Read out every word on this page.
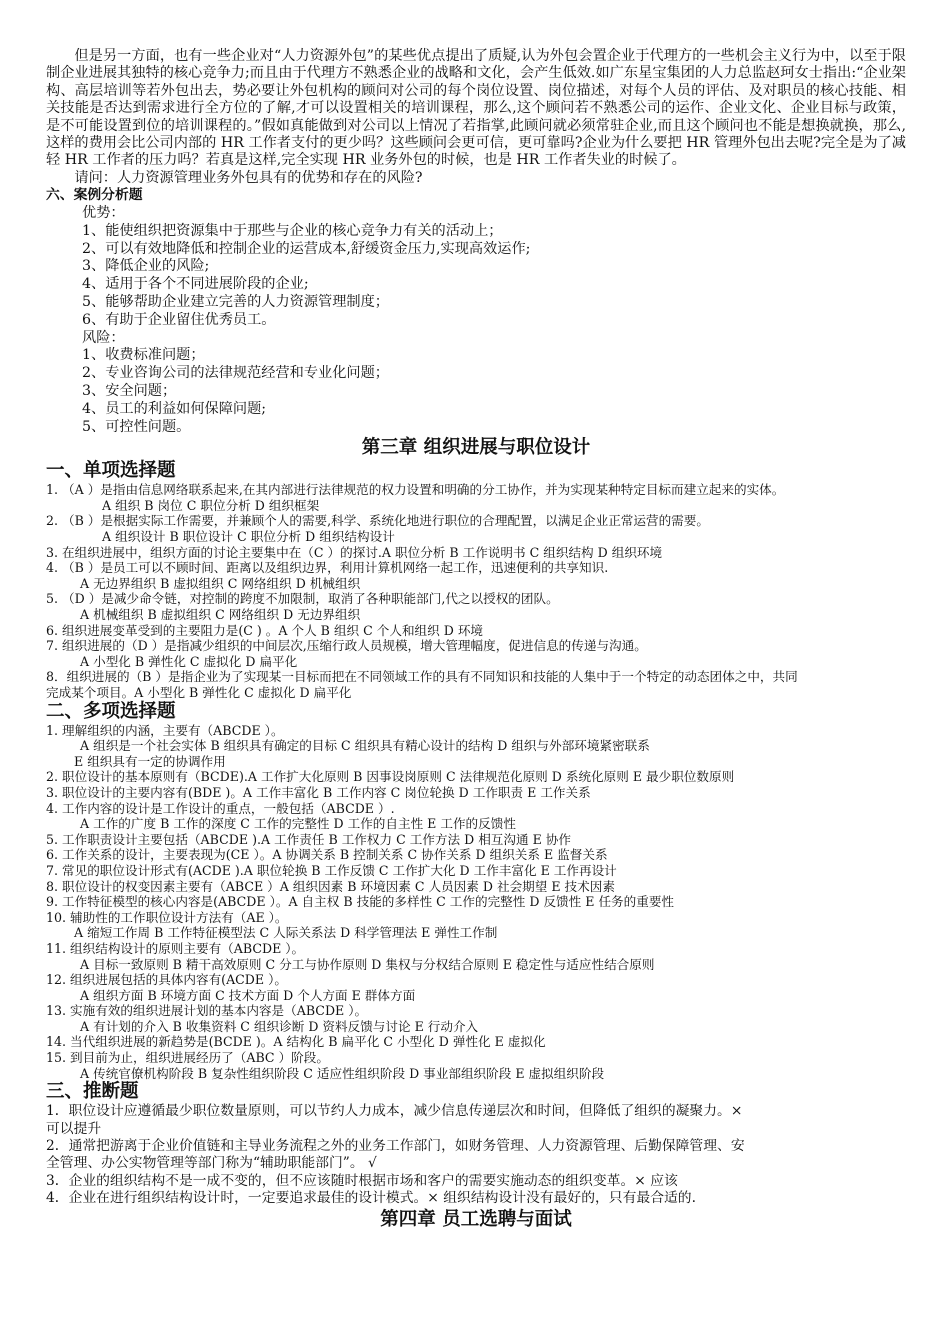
但是另一方面，也有一些企业对“人力资源外包”的某些优点提出了质疑,认为外包会置企业于代理方的一些机会主义行为中，以至于限制企业进展其独特的核心竞争力;而且由于代理方不熟悉企业的战略和文化，会产生低效.如广东星宝集团的人力总监赵珂女士指出:“企业架构、高层培训等若外包出去，势必要让外包机构的顾问对公司的每个岗位设置、岗位描述，对每个人员的评估、及对职员的核心技能、相关技能是否达到需求进行全方位的了解,才可以设置相关的培训课程，那么,这个顾问若不熟悉公司的运作、企业文化、企业目标与政策，是不可能设置到位的培训课程的。”假如真能做到对公司以上情况了若指掌,此顾问就必须常驻企业,而且这个顾问也不能是想换就换，那么,这样的费用会比公司内部的 HR 工作者支付的更少吗？这些顾问会更可信，更可靠吗?企业为什么要把 HR 管理外包出去呢?完全是为了减轻 HR 工作者的压力吗？若真是这样,完全实现 HR 业务外包的时候，也是 HR 工作者失业的时候了。

请问：人力资源管理业务外包具有的优势和存在的风险?

六、案例分析题

优势：

1、能使组织把资源集中于那些与企业的核心竞争力有关的活动上；

2、可以有效地降低和控制企业的运营成本,舒缓资金压力,实现高效运作;

3、降低企业的风险;

4、适用于各个不同进展阶段的企业;

5、能够帮助企业建立完善的人力资源管理制度；

6、有助于企业留住优秀员工。

风险：

1、收费标准问题；

2、专业咨询公司的法律规范经营和专业化问题；

3、安全问题；

4、员工的利益如何保障问题;

5、可控性问题。

第三章 组织进展与职位设计

一、单项选择题

1. （A ）是指由信息网络联系起来,在其内部进行法律规范的权力设置和明确的分工协作，并为实现某种特定目标而建立起来的实体。

A 组织 B 岗位 C 职位分析 D 组织框架

2. （B ）是根据实际工作需要，并兼顾个人的需要,科学、系统化地进行职位的合理配置，以满足企业正常运营的需要。

A 组织设计 B 职位设计 C 职位分析 D 组织结构设计

3. 在组织进展中，组织方面的讨论主要集中在（C ）的探讨.A 职位分析 B 工作说明书 C 组织结构 D 组织环境

4. （B ）是员工可以不顾时间、距离以及组织边界，利用计算机网络一起工作，迅速便利的共享知识.

A 无边界组织 B 虚拟组织 C 网络组织 D 机械组织

5. （D ）是减少命令链，对控制的跨度不加限制，取消了各种职能部门,代之以授权的团队。

A 机械组织 B 虚拟组织 C 网络组织 D 无边界组织

6. 组织进展变革受到的主要阻力是(C ) 。A 个人 B 组织 C 个人和组织 D 环境

7. 组织进展的（D ）是指减少组织的中间层次,压缩行政人员规模，增大管理幅度，促进信息的传递与沟通。

A 小型化 B 弹性化 C 虚拟化 D 扁平化

8．组织进展的（B ）是指企业为了实现某一目标而把在不同领域工作的具有不同知识和技能的人集中于一个特定的动态团体之中，共同

完成某个项目。A 小型化 B 弹性化 C 虚拟化 D 扁平化

二、多项选择题

1. 理解组织的内涵，主要有（ABCDE ）。

A 组织是一个社会实体 B 组织具有确定的目标 C 组织具有精心设计的结构 D 组织与外部环境紧密联系

E 组织具有一定的协调作用

2. 职位设计的基本原则有（BCDE).A 工作扩大化原则 B 因事设岗原则 C 法律规范化原则 D 系统化原则 E 最少职位数原则

3. 职位设计的主要内容有(BDE )。A 工作丰富化 B 工作内容 C 岗位轮换 D 工作职责 E 工作关系

4. 工作内容的设计是工作设计的重点，一般包括（ABCDE ）.

A 工作的广度 B 工作的深度 C 工作的完整性 D 工作的自主性 E 工作的反馈性

5. 工作职责设计主要包括（ABCDE ).A 工作责任 B 工作权力 C 工作方法 D 相互沟通 E 协作

6. 工作关系的设计，主要表现为(CE ）。A 协调关系 B 控制关系 C 协作关系 D 组织关系 E 监督关系

7. 常见的职位设计形式有(ACDE ).A 职位轮换 B 工作反馈 C 工作扩大化 D 工作丰富化 E 工作再设计

8. 职位设计的权变因素主要有（ABCE ）A 组织因素 B 环境因素 C 人员因素 D 社会期望 E 技术因素

9. 工作特征模型的核心内容是(ABCDE ）。A 自主权 B 技能的多样性 C 工作的完整性 D 反馈性 E 任务的重要性

10. 辅助性的工作职位设计方法有（AE ）。

A 缩短工作周 B 工作特征模型法 C 人际关系法 D 科学管理法 E 弹性工作制

11. 组织结构设计的原则主要有（ABCDE ）。

A 目标一致原则 B 精干高效原则 C 分工与协作原则 D 集权与分权结合原则 E 稳定性与适应性结合原则

12. 组织进展包括的具体内容有(ACDE ）。

A 组织方面 B 环境方面 C 技术方面 D 个人方面 E 群体方面

13. 实施有效的组织进展计划的基本内容是（ABCDE ）。

A 有计划的介入 B 收集资料 C 组织诊断 D 资料反馈与讨论 E 行动介入

14. 当代组织进展的新趋势是(BCDE )。A 结构化 B 扁平化 C 小型化 D 弹性化 E 虚拟化

15. 到目前为止，组织进展经历了（ABC ）阶段。

A 传统官僚机构阶段 B 复杂性组织阶段 C 适应性组织阶段 D 事业部组织阶段 E 虚拟组织阶段

三、推断题

1．职位设计应遵循最少职位数量原则，可以节约人力成本，减少信息传递层次和时间，但降低了组织的凝聚力。×

可以提升

2．通常把游离于企业价值链和主导业务流程之外的业务工作部门，如财务管理、人力资源管理、后勤保障管理、安

全管理、办公实物管理等部门称为“辅助职能部门”。 √

3．企业的组织结构不是一成不变的，但不应该随时根据市场和客户的需要实施动态的组织变革。× 应该

4．企业在进行组织结构设计时，一定要追求最佳的设计模式。× 组织结构设计没有最好的，只有最合适的.

第四章 员工选聘与面试
